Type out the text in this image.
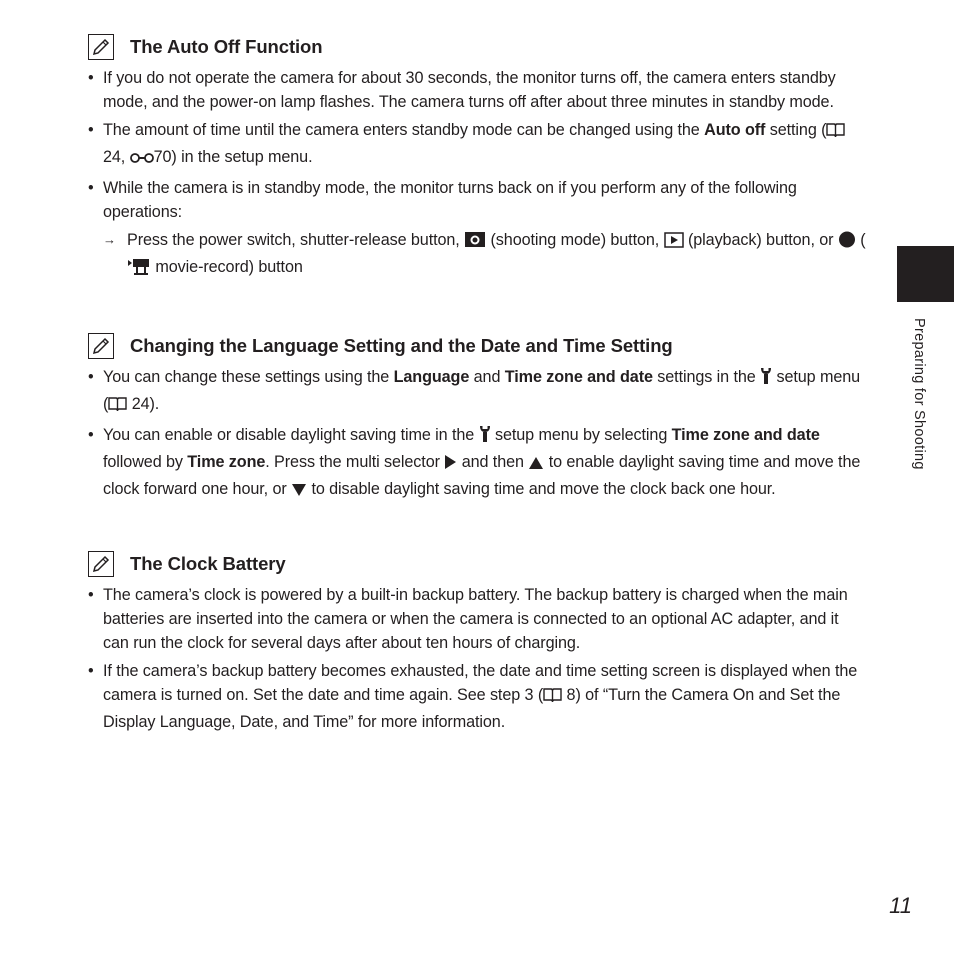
The Auto Off Function
• If you do not operate the camera for about 30 seconds, the monitor turns off, the camera enters standby mode, and the power-on lamp flashes. The camera turns off after about three minutes in standby mode.
• The amount of time until the camera enters standby mode can be changed using the Auto off setting ( 24, 70) in the setup menu.
• While the camera is in standby mode, the monitor turns back on if you perform any of the following operations:
→ Press the power switch, shutter-release button,  (shooting mode) button,  (playback) button, or  ( movie-record) button
Changing the Language Setting and the Date and Time Setting
• You can change these settings using the Language and Time zone and date settings in the  setup menu ( 24).
• You can enable or disable daylight saving time in the  setup menu by selecting Time zone and date followed by Time zone. Press the multi selector  and then  to enable daylight saving time and move the clock forward one hour, or  to disable daylight saving time and move the clock back one hour.
The Clock Battery
• The camera’s clock is powered by a built-in backup battery. The backup battery is charged when the main batteries are inserted into the camera or when the camera is connected to an optional AC adapter, and it can run the clock for several days after about ten hours of charging.
• If the camera’s backup battery becomes exhausted, the date and time setting screen is displayed when the camera is turned on. Set the date and time again. See step 3 ( 8) of “Turn the Camera On and Set the Display Language, Date, and Time” for more information.
Preparing for Shooting
11
